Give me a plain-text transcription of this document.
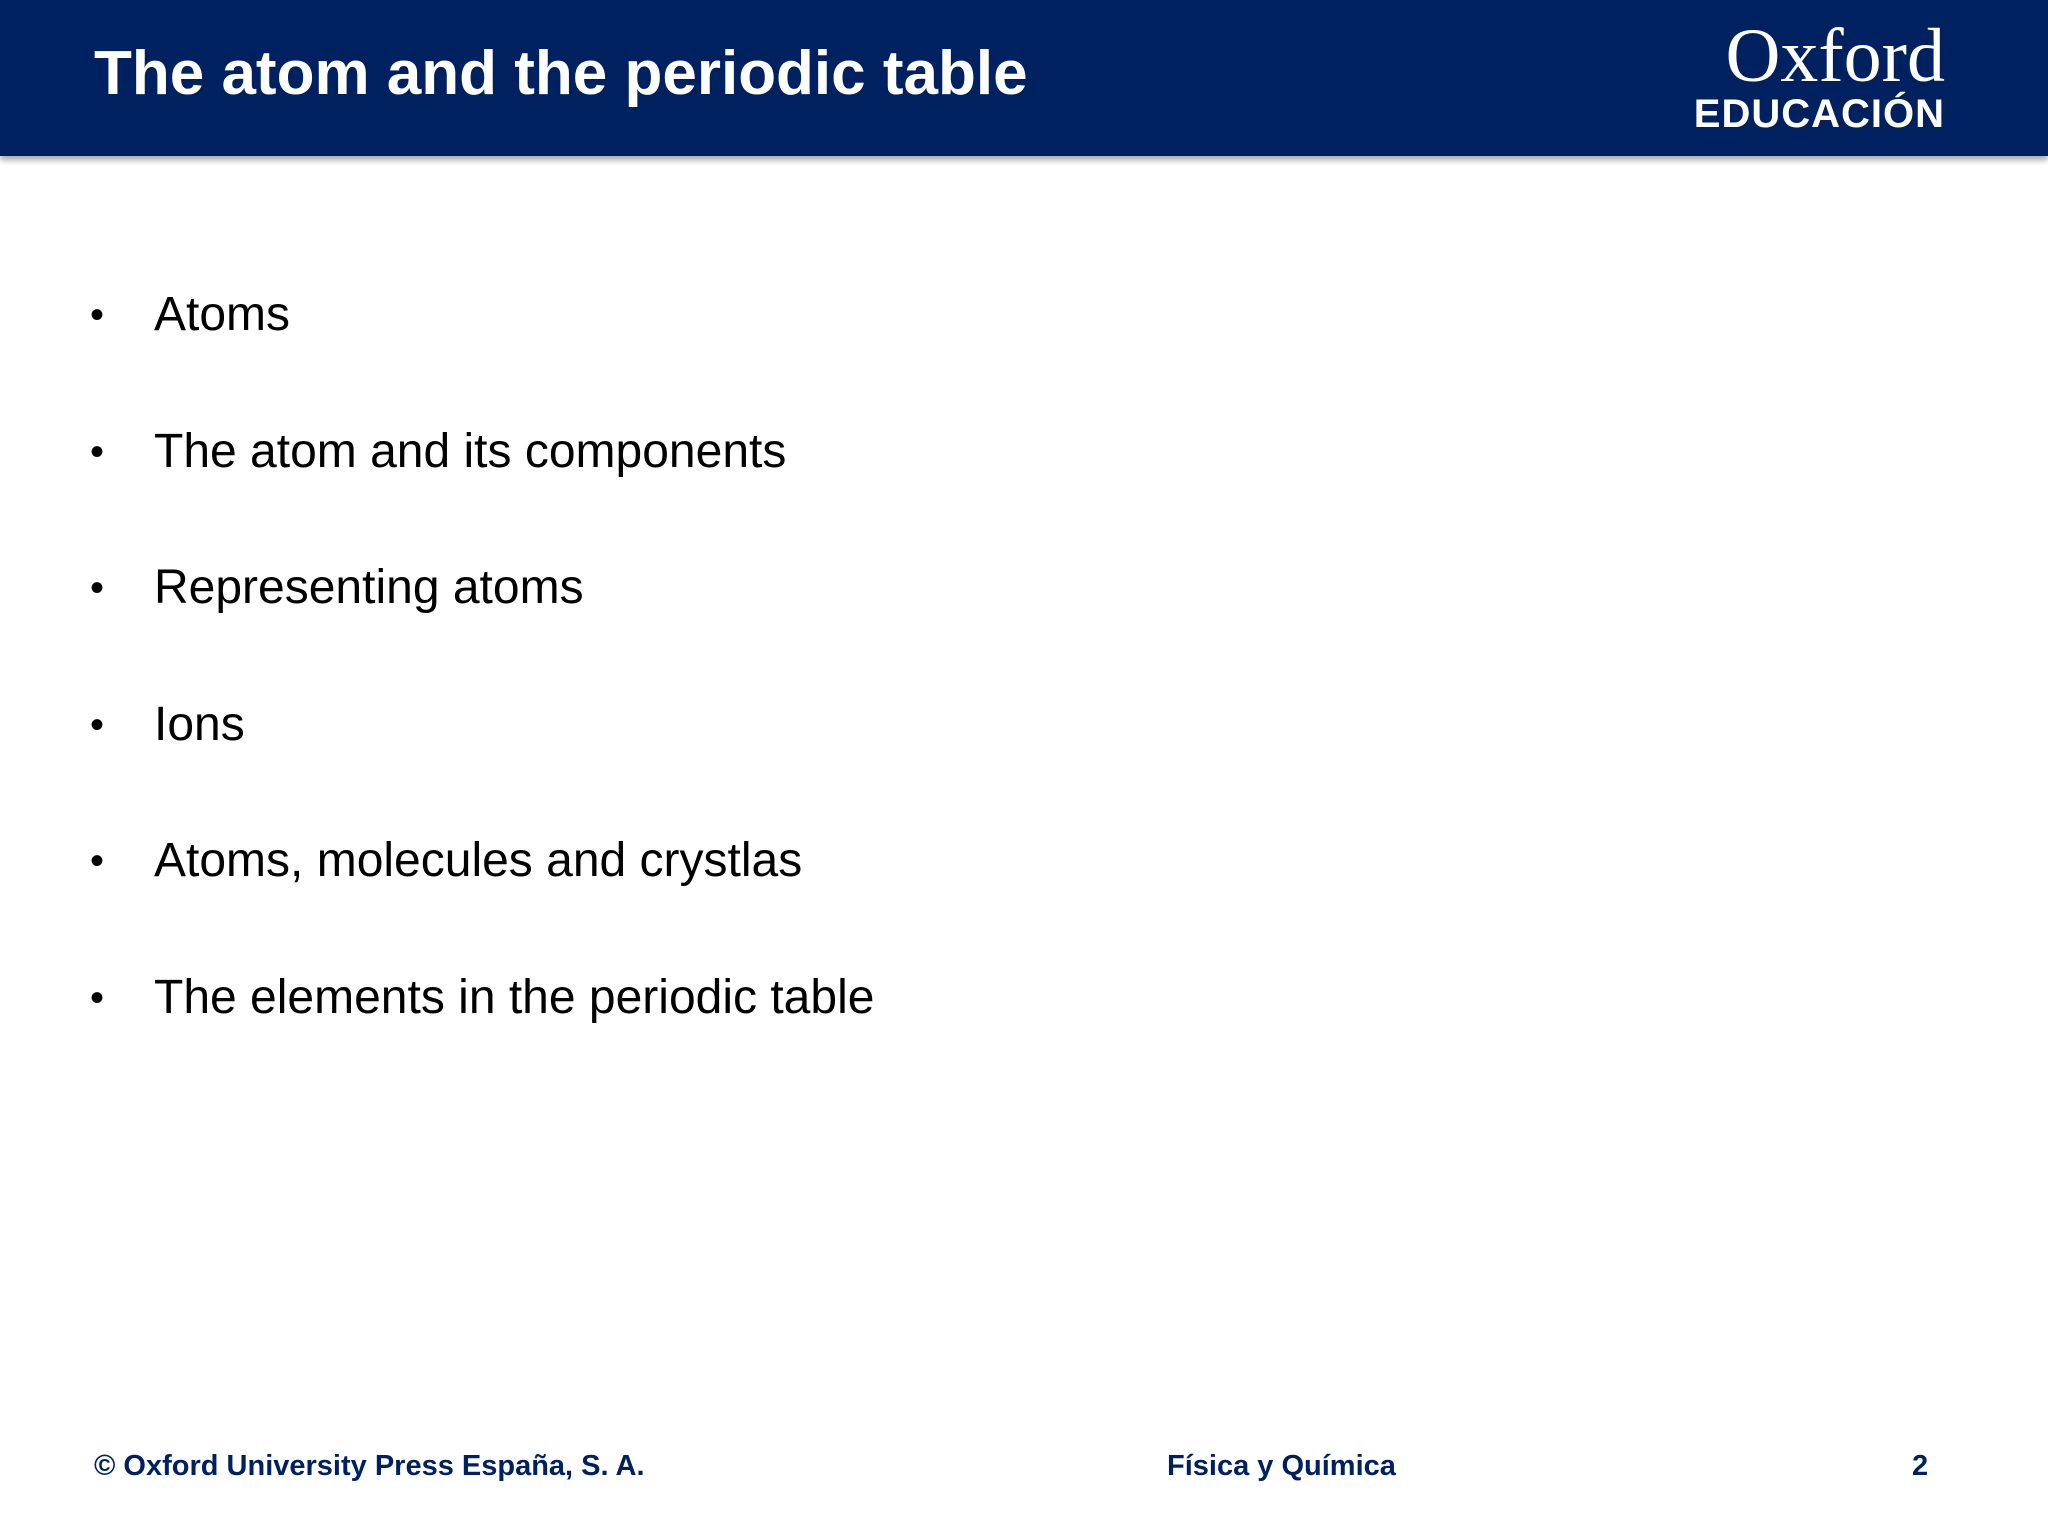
The atom and the periodic table	Oxford
EDUCACIÓN
•	Atoms
•	The atom and its components
•	Representing atoms
•	Ions
•	Atoms, molecules and crystlas
•	The elements in the periodic table
© Oxford University Press España, S. A.	Física y Química	2
